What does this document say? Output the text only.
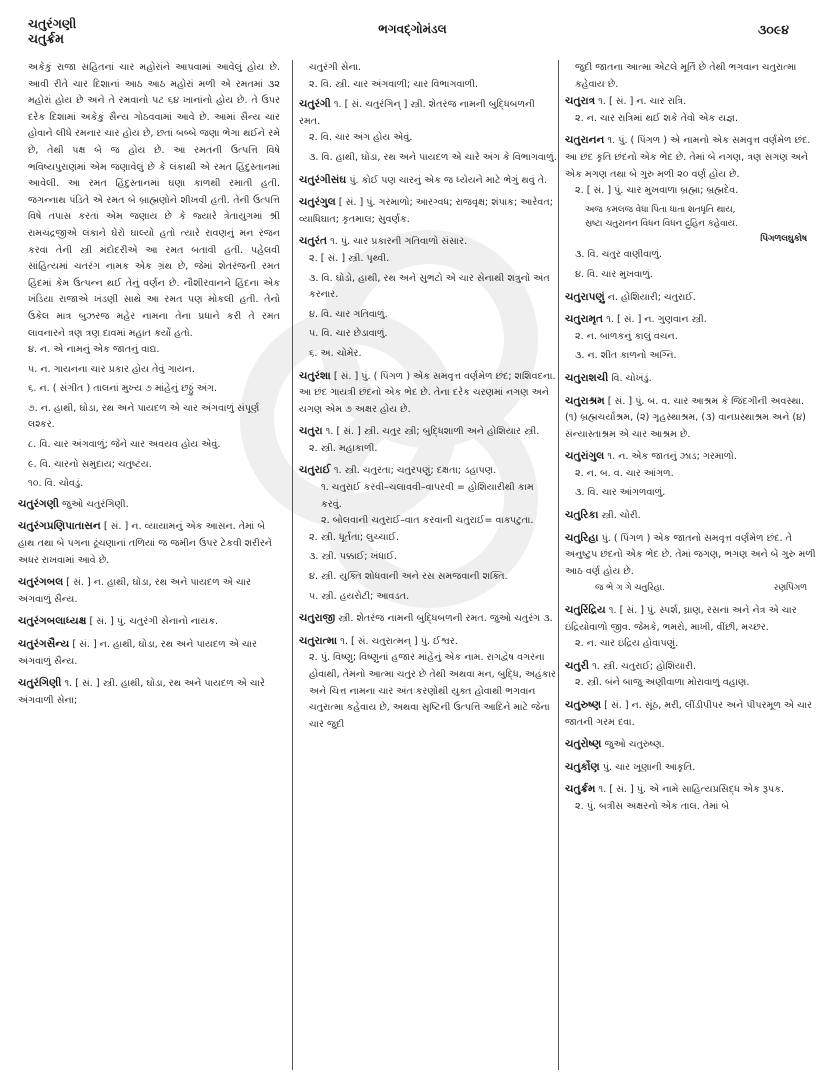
ચતુરંગણી
ચતુર્ક્રમ
ભગવદ્ગોમંડલ	૩૦૯૪
અકેકું રાજા સહિતનાં ચાર મહોરાંને આપવામાં આવેલું હોય છે. આવી રીતે ચાર દિશાનાં આઠ આઠ મહોરાં મળી એ રમતમાં ૩૨ મહોરાં હોય છે અને તે રમવાનો પટ ૬૪ ખાનાંનો હોય છે. તે ઉપર દરેક દિશામાં અકેકું સૈન્ય ગોઠવવામાં આવે છે. આમાં સૈન્ય ચાર હોવાને લીધે રમનાર ચાર હોય છે, છતાં બબ્બે જણા ભેગા થઈને રમે છે, તેથી પક્ષ બે જ હોય છે. આ રમતની ઉત્પત્તિ વિષે ભવિષ્યપુરાણમાં એમ જણાવેલું છે કે લંકાથી એ રમત હિંદુસ્તાનમાં આવેલી. આ રમત હિંદુસ્તાનમાં ઘણા કાળથી રમાતી હતી. જગન્નાથ પંડિતે એ રમત બે બ્રાહ્મણોને શીખવી હતી. તેની ઉત્પત્તિ વિષે તપાસ કરતાં એમ જણાય છે કે જ્યારે ત્રેતાયુગમાં શ્રી રામચંદ્રજીએ લંકાને ઘેરો ઘાલ્યો હતો ત્યારે રાવણનું મન રંજન કરવા તેની સ્ત્રી મંદોદરીએ આ રમત બતાવી હતી. પહેલવી સાંહિત્યમાં ચતરંગ નામક એક ગ્રંથ છે, જેમાં શેતરંજની રમત હિંદમાં કેમ ઉત્પન્ન થઈ તેનું વર્ણન છે. નૌશીરવાનને હિંદના એક ખંડિયા રાજાએ ખંડણી સાથે આ રમત પણ મોકલી હતી. તેનો ઉકેલ માત્ર બુઝરજ મહેર નામના તેના પ્રધાને કરી તે રમત લાવનારને ત્રણ ત્રણ દાવમાં મહાત કર્યો હતો.
૪. ન. એ નામનું એક જાતનું વાદ્ય.
૫. ન. ગાયનના ચાર પ્રકાર હોય તેવું ગાયન.
૬. ન. ( સંગીત ) તાલનાં મુખ્ય ૭ માંહેનું છઠ્ઠું અંગ.
૭. ન. હાથી, ઘોડા, રથ અને પાયદળ એ ચાર અંગવાળું સંપૂર્ણ લશ્કર.
૮. વિ. ચાર અંગવાળું; જેને ચાર અવયવ હોય એવું.
૯. વિ. ચારનો સમુદાય; ચતુષ્ટય.
૧૦. વિ. ચોવડું.
ચતુરંગણી જુઓ ચતુરંગિણી.
ચતુરંગપ્રણિપાતાસન [ સં. ] ન. વ્યાયામનું એક આસન. તેમાં બે હાથ તથા બે પગના ઢૂંચણાનાં તળિયાં જ જમીન ઉપર ટેકવી શરીરને અધર રાખવામાં આવે છે.
ચતુરંગબલ [ સં. ] ન. હાથી, ઘોડા, રથ અને પાયદળ એ ચાર અંગવાળું સૈન્ય.
ચતુરંગબલાધ્યક્ષ [ સં. ] પું. ચતુરંગી સેનાનો નાયક.
ચતુરંગસૈન્ય [ સં. ] ન. હાથી, ઘોડા, રથ અને પાયદળ એ ચાર અંગવાળું સૈન્ય.
ચતુરંગિણી ૧. [ સં. ] સ્ત્રી. હાથી, ઘોડા, રથ અને પાયદળ એ ચારે અંગવાળી સેના;
ચતુરંગી સેના.
૨. વિ. સ્ત્રી. ચાર અંગવાળી; ચાર વિભાગવાળી.
ચતુરંગી ૧. [ સં. ચતુરંગિન્ ] સ્ત્રી. શેતરંજ નામની બુદ્ધિબળની રમત.
૨. વિ. ચાર અંગ હોય એવું.
૩. વિ. હાથી, ઘોડા, રથ અને પાયદળ એ ચારે અંગ કે વિભાગવાળું.
ચતુરંગીસંઘ પું. કોઈ પણ ચારનું એક જ ધ્યેયને માટે ભેગું થવું તે.
ચતુરંગુલ [ સં. ] પું. ગરમાળો; આરગ્વધ; રાજવૃક્ષ; શંપાક; આરેવત; વ્યાધિઘાત; કૃતમાલ; સુવર્ણક.
ચતુરંત ૧. પું. ચાર પ્રકારની ગતિવાળો સંસાર.
૨. [ સં. ] સ્ત્રી. પૃથ્વી.
૩. વિ. ઘોડો, હાથી, રથ અને સુભટો એ ચાર સેનાથી શત્રુનો અંત કરનાર.
૪. વિ. ચાર ગતિવાળું.
૫. વિ. ચાર છેડાવાળું.
૬. અ. ચોમેર.
ચતુરંશા [ સં. ] પું. ( પિંગળ ) એક સમવૃત્ત વર્ણમેળ છંદ; શશિવદના. આ છંદ ગાયત્રી છંદનો એક ભેદ છે. તેના દરેક ચરણમાં નગણ અને યગણ એમ ૭ અક્ષર હોય છે.
ચતુરા ૧. [ સં. ] સ્ત્રી. ચતુર સ્ત્રી; બુદ્ધિશાળી અને હોશિયાર સ્ત્રી.
૨. સ્ત્રી. મહાકાળી.
ચતુરાઈ ૧. સ્ત્રી. ચતુરતા; ચતુરપણું; દક્ષતા; ડહાપણ.
૧. ચતુરાઈ કરવી–ચલાવવી–વાપરવી = હોશિયારીથી કામ કરવું.
૨. બોલવાની ચતુરાઈ–વાત કરવાની ચતુરાઈ= વાક્પટુતા.
૨. સ્ત્રી. ધૂર્તતા; લુચ્ચાઈ.
૩. સ્ત્રી. પક્કાઈ; ખંધાઈ.
૪. સ્ત્રી. યુક્તિ શોધવાની અને રસ સમજવાની શક્તિ.
૫. સ્ત્રી. હયરોટી; આવડત.
ચતુરાજી સ્ત્રી. શેતરંજ નામની બુદ્ધિબળની રમત. જુઓ ચતુરંગ ૩.
ચતુરાત્મા ૧. [ સં. ચતુરાત્મન્ ] પું. ઈશ્વર.
૨. પું. વિષ્ણુ; વિષ્ણુનાં હજાર માંહેનું એક નામ. રાગદ્વેષ વગરના હોવાથી, તેમનો આત્મા ચતુર છે તેથી અથવા મન, બુદ્ધિ, અહંકાર અને ચિત્ત નામના ચાર અંતઃકરણોથી યુક્ત હોવાથી ભગવાન ચતુરાત્મા કહેવાય છે, અથવા સૃષ્ટિની ઉત્પત્તિ આદિને માટે જેના ચાર જુદી
જુદી જાતના આત્મા એટલે મૂર્તિ છે તેથી ભગવાન ચતુરાત્મા કહેવાય છે.
ચતુરાત્ર ૧. [ સં. ] ન. ચાર રાત્રિ.
૨. ન. ચાર રાત્રિમાં થઈ શકે તેવો એક યજ્ઞ.
ચતુરાનન ૧. પું. ( પિંગળ ) એ નામનો એક સમવૃત્ત વર્ણમેળ છંદ. આ છંદ કૃતિ છંદનો એક ભેદ છે. તેમાં બે નગણ, ત્રણ સગણ અને એક મગણ તથા બે ગુરુ મળી ૨૦ વર્ણ હોય છે.
૨. [ સં. ] પું. ચાર મુખવાળા બ્રહ્મા; બ્રહ્મદેવ.
અજ કમલજ વેધા પિતા ધાતા શતધૃતિ થાય,
સ્રષ્ટા ચતુરાનન વિધન વિધન દ્રુહિન કહેવાય.
પિંગળલઘુકોષ
૩. વિ. ચતુર વાણીવાળું.
૪. વિ. ચાર મુખવાળું.
ચતુરાપણું ન. હોશિયારી; ચતુરાઈ.
ચતુરામૃત ૧. [ સં. ] ન. ગુણવાન સ્ત્રી.
૨. ન. બાળકનું કાલું વચન.
૩. ન. શીત કાળનો અગ્નિ.
ચતુરાશચી વિ. ચોખંડું.
ચતુરાશ્રમ [ સં. ] પું. બ. વ. ચાર આશ્રમ કે જિંદગીની અવસ્થા. (૧) બ્રહ્મચર્યાશ્રમ, (૨) ગૃહસ્થાશ્રમ, (૩) વાનપ્રસ્થાશ્રમ અને (૪) સંન્યાસ્તાશ્રમ એ ચાર આશ્રમ છે.
ચતુરાંગુલ ૧. ન. એક જાતનું ઝાડ; ગરમાળો.
૨. ન. બ. વ. ચાર આંગળ.
૩. વિ. ચાર આંગળવાળું.
ચતુરિકા સ્ત્રી. ચોરી.
ચતુરિહા પું. ( પિંગળ ) એક જાતનો સમવૃત્ત વર્ણમેળ છંદ. તે અનુષ્ટુપ છંદનો એક ભેદ છે. તેમાં જગણ, ભગણ અને બે ગુરુ મળી આઠ વર્ણ હોય છે.
જ ભે ગ ગે ચતુરિહા.	રણપિંગળ
ચતુરિંદ્રિય ૧. [ સં. ] પું. સ્પર્શ, ઘ્રાણ, રસના અને નેત્ર એ ચાર ઇંદ્રિયોવાળો જીવ. જેમકે, ભમરો, માખી, વીંછી, મચ્છર.
૨. ન. ચાર ઇંદ્રિય હોવાપણું.
ચતુરી ૧. સ્ત્રી. ચતુરાઈ; હોશિયારી.
૨. સ્ત્રી. બંને બાજુ અણીવાળા મોરાવાળું વહાણ.
ચતુરુષ્ણ [ સં. ] ન. સૂંઠ, મરી, લીંડીપીપર અને પીપરમૂળ એ ચાર જાતની ગરમ દવા.
ચતુરોષ્ણ જુઓ ચતુરુષ્ણ.
ચતુર્કોણ પું. ચાર ખૂણાની આકૃતિ.
ચતુર્ક્રમ ૧. [ સં. ] પું. એ નામે સાહિત્યપ્રસિદ્ધ એક રૂપક.
૨. પું. બત્રીસ અક્ષરનો એક તાલ. તેમાં બે
